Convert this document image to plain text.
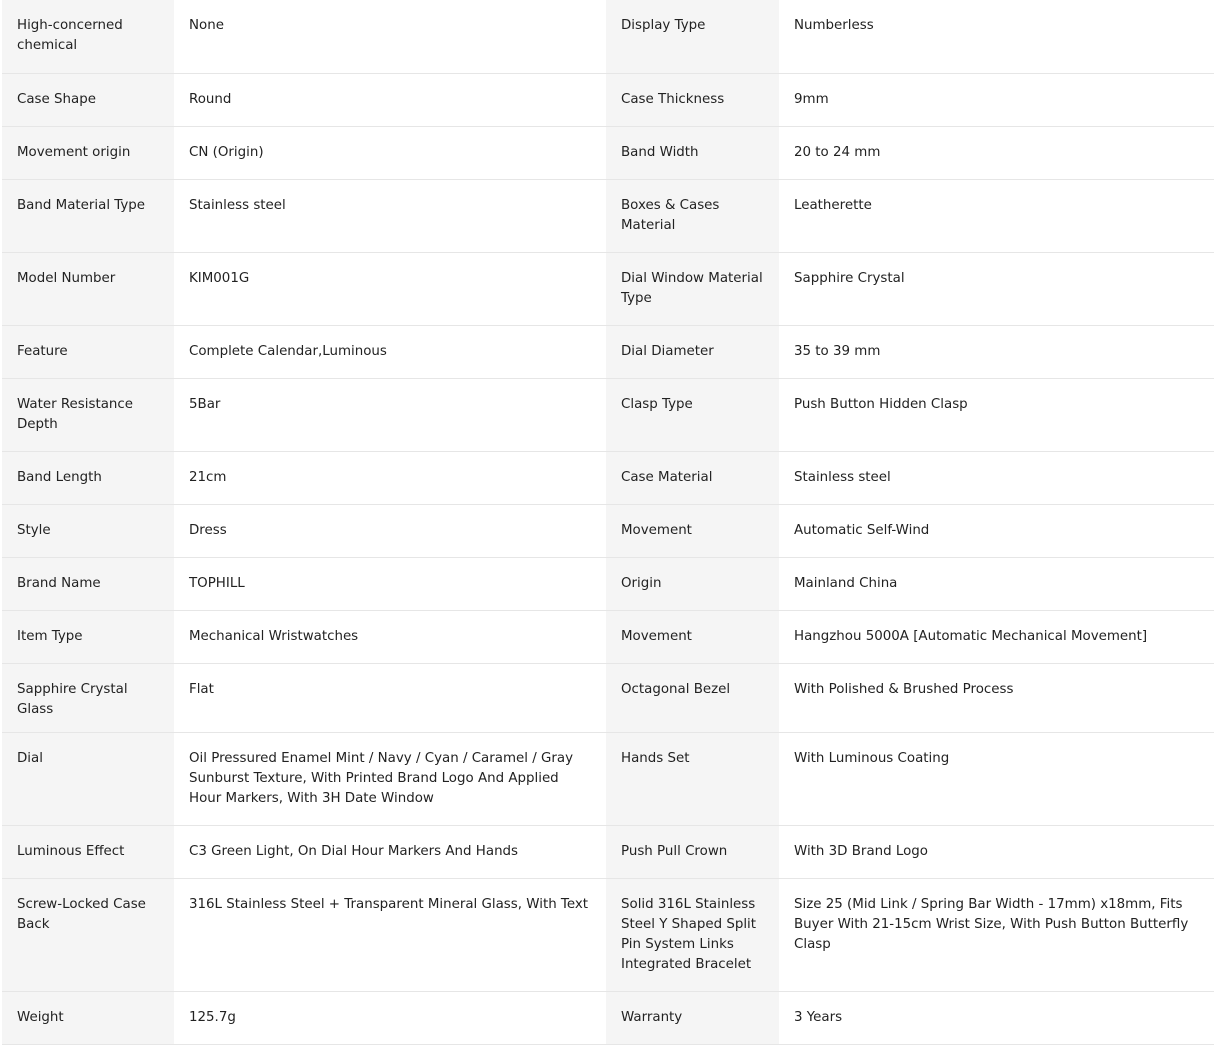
High-concerned chemical	None	Display Type	Numberless
Case Shape	Round	Case Thickness	9mm
Movement origin	CN (Origin)	Band Width	20 to 24 mm
Band Material Type	Stainless steel	Boxes & Cases Material	Leatherette
Model Number	KIM001G	Dial Window Material Type	Sapphire Crystal
Feature	Complete Calendar,Luminous	Dial Diameter	35 to 39 mm
Water Resistance Depth	5Bar	Clasp Type	Push Button Hidden Clasp
Band Length	21cm	Case Material	Stainless steel
Style	Dress	Movement	Automatic Self-Wind
Brand Name	TOPHILL	Origin	Mainland China
Item Type	Mechanical Wristwatches	Movement	Hangzhou 5000A [Automatic Mechanical Movement]
Sapphire Crystal Glass	Flat	Octagonal Bezel	With Polished & Brushed Process
Dial	Oil Pressured Enamel Mint / Navy / Cyan / Caramel / Gray Sunburst Texture, With Printed Brand Logo And Applied Hour Markers, With 3H Date Window	Hands Set	With Luminous Coating
Luminous Effect	C3 Green Light, On Dial Hour Markers And Hands	Push Pull Crown	With 3D Brand Logo
Screw-Locked Case Back	316L Stainless Steel + Transparent Mineral Glass, With Text	Solid 316L Stainless Steel Y Shaped Split Pin System Links Integrated Bracelet	Size 25 (Mid Link / Spring Bar Width - 17mm) x18mm, Fits Buyer With 21-15cm Wrist Size, With Push Button Butterfly Clasp
Weight	125.7g	Warranty	3 Years
